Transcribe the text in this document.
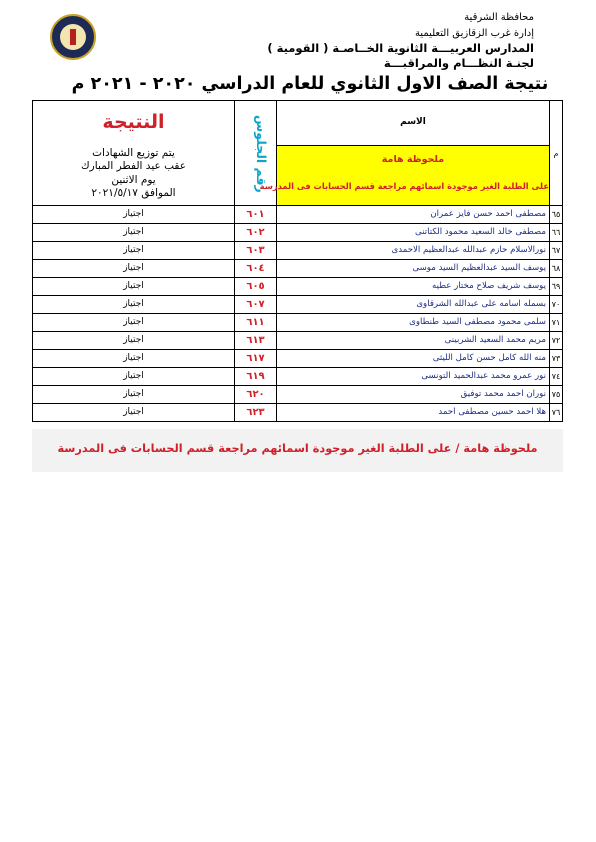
محافظة الشرقية
إدارة غرب الزقازيق التعليمية
المدارس العربيـــة الثانوية الخــاصـة ( القومية )
لجنـة النظـــام والمراقبـــة
نتيجة الصف الاول الثانوي للعام الدراسي ٢٠٢٠ - ٢٠٢١ م
النتيجة
يتم توزيع الشهادات
عقب عيد الفطر المبارك
يوم الاثنين
الموافق ٢٠٢١/٥/١٧
رقم الجلوس	الاسم
ملحوظة هامة
على الطلبة الغير موجودة اسمائهم مراجعة قسم الحسابات فى المدرسة
م
اجتياز	٦٠١	مصطفى احمد حسن فايز عمران ٦٥
اجتياز	٦٠٢	مصطفى خالد السعيد محمود الكتاتنى ٦٦
اجتياز	٦٠٣	نورالاسلام حازم عبدالله عبدالعظيم الاحمدى ٦٧
اجتياز	٦٠٤	يوسف السيد عبدالعظيم السيد موسى ٦٨
اجتياز	٦٠٥	يوسف شريف صلاح مختار عطيه ٦٩
اجتياز	٦٠٧	بسمله اسامه على عبدالله الشرقاوى ٧٠
اجتياز	٦١١	سلمى محمود مصطفى السيد طنطاوى ٧١
اجتياز	٦١٣	مريم محمد السعيد الشربينى ٧٢
اجتياز	٦١٧	منه الله كامل حسن كامل الليثى ٧٣
اجتياز	٦١٩	نور عمرو محمد عبدالحميد التونسى ٧٤
اجتياز	٦٢٠	نوران احمد محمد توفيق ٧٥
اجتياز	٦٢٣	هلا احمد حسين مصطفى احمد ٧٦
ملحوظة هامة / على الطلبة الغير موجودة اسمائهم مراجعة قسم الحسابات فى المدرسة
